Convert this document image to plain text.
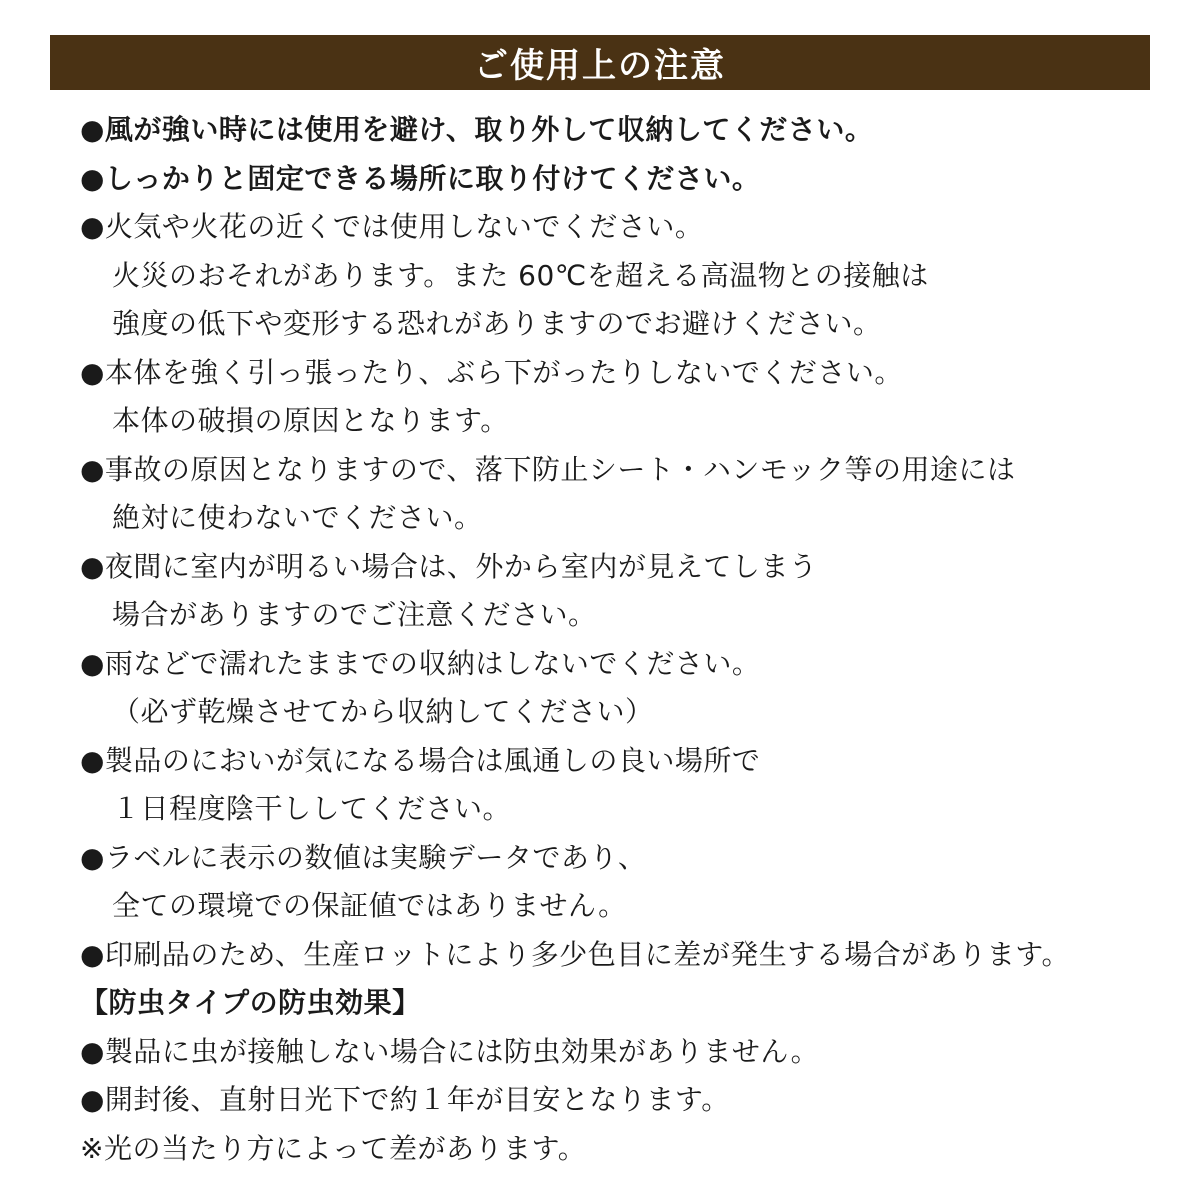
ご使用上の注意
●風が強い時には使用を避け、取り外して収納してください。
●しっかりと固定できる場所に取り付けてください。
●火気や火花の近くでは使用しないでください。
火災のおそれがあります。また 60℃を超える高温物との接触は
強度の低下や変形する恐れがありますのでお避けください。
●本体を強く引っ張ったり、ぶら下がったりしないでください。
本体の破損の原因となります。
●事故の原因となりますので、落下防止シート・ハンモック等の用途には
絶対に使わないでください。
●夜間に室内が明るい場合は、外から室内が見えてしまう
場合がありますのでご注意ください。
●雨などで濡れたままでの収納はしないでください。
（必ず乾燥させてから収納してください）
●製品のにおいが気になる場合は風通しの良い場所で
１日程度陰干ししてください。
●ラベルに表示の数値は実験データであり、
全ての環境での保証値ではありません。
●印刷品のため、生産ロットにより多少色目に差が発生する場合があります。
【防虫タイプの防虫効果】
●製品に虫が接触しない場合には防虫効果がありません。
●開封後、直射日光下で約１年が目安となります。
※光の当たり方によって差があります。
